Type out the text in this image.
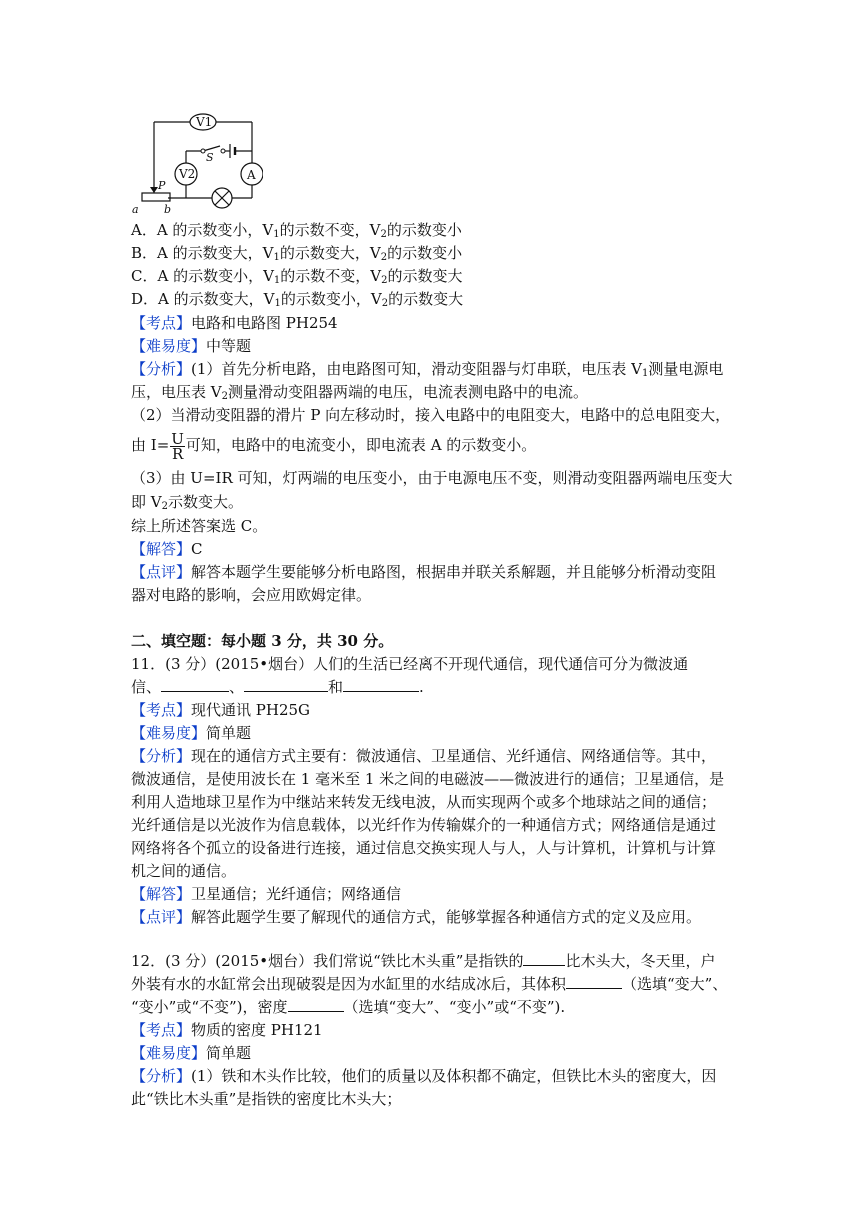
V1
V2	A
S
P
a b
A．A 的示数变小，$V_1$的示数不变，$V_2$的示数变小
B．A 的示数变大，$V_1$的示数变大，$V_2$的示数变小
C．A 的示数变小，$V_1$的示数不变，$V_2$的示数变大
D．A 的示数变大，$V_1$的示数变小，$V_2$的示数变大
【考点】电路和电路图 PH254
【难易度】中等题
【分析】(1）首先分析电路，由电路图可知，滑动变阻器与灯串联，电压表 $V_1$测量电源电
压，电压表 $V_2$测量滑动变阻器两端的电压，电流表测电路中的电流。
（2）当滑动变阻器的滑片 P 向左移动时，接入电路中的电阻变大，电路中的总电阻变大，
由 $I= \frac{U}{R}$ 可知，电路中的电流变小，即电流表 A 的示数变小。
（3）由 U=IR 可知，灯两端的电压变小，由于电源电压不变，则滑动变阻器两端电压变大
即 $V_2$示数变大。
综上所述答案选 C。
【解答】C
【点评】解答本题学生要能够分析电路图，根据串并联关系解题，并且能够分析滑动变阻
器对电路的影响，会应用欧姆定律。
二、填空题：每小题 3 分，共 30 分。
11．(3 分）(2015•烟台）人们的生活已经离不开现代通信，现代通信可分为微波通
信、	、	和	.
【考点】现代通讯 PH25G
【难易度】简单题
【分析】现在的通信方式主要有：微波通信、卫星通信、光纤通信、网络通信等。其中，
微波通信，是使用波长在 1 毫米至 1 米之间的电磁波——微波进行的通信；卫星通信，是
利用人造地球卫星作为中继站来转发无线电波，从而实现两个或多个地球站之间的通信；
光纤通信是以光波作为信息载体，以光纤作为传输媒介的一种通信方式；网络通信是通过
网络将各个孤立的设备进行连接，通过信息交换实现人与人，人与计算机，计算机与计算
机之间的通信。
【解答】卫星通信；光纤通信；网络通信
【点评】解答此题学生要了解现代的通信方式，能够掌握各种通信方式的定义及应用。
12．(3 分）(2015•烟台）我们常说“铁比木头重”是指铁的	比木头大，冬天里，户
外装有水的水缸常会出现破裂是因为水缸里的水结成冰后，其体积	（选填“变大”、
“变小”或“不变”)，密度	（选填“变大”、“变小”或“不变”).
【考点】物质的密度 PH121
【难易度】简单题
【分析】(1）铁和木头作比较，他们的质量以及体积都不确定，但铁比木头的密度大，因
此“铁比木头重”是指铁的密度比木头大；
